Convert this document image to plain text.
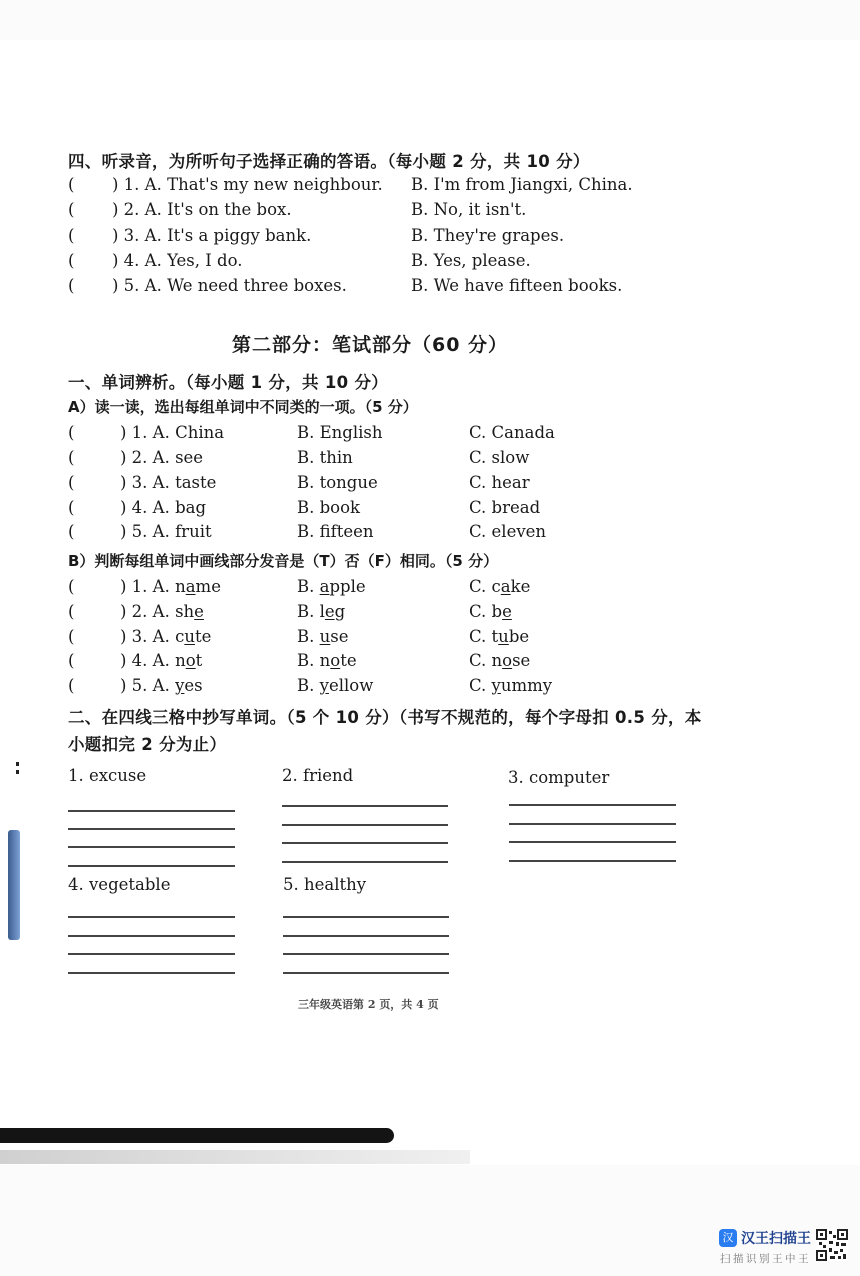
四、听录音，为所听句子选择正确的答语。（每小题 2 分，共 10 分）
( ) 1. A. That's my new neighbour. B. I'm from Jiangxi, China.
( ) 2. A. It's on the box.	B. No, it isn't.
( ) 3. A. It's a piggy bank.	B. They're grapes.
( ) 4. A. Yes, I do.	B. Yes, please.
( ) 5. A. We need three boxes.	B. We have fifteen books.
第二部分：笔试部分（60 分）
一、单词辨析。（每小题 1 分，共 10 分）
A）读一读，选出每组单词中不同类的一项。（5 分）
(	) 1. A. China	B. English	C. Canada
(	) 2. A. see	B. thin	C. slow
(	) 3. A. taste	B. tongue	C. hear
(	) 4. A. bag	B. book	C. bread
(	) 5. A. fruit	B. fifteen	C. eleven
B）判断每组单词中画线部分发音是（T）否（F）相同。（5 分）
(	) 1. A. name	B. apple	C. cake
(	) 2. A. she	B. leg	C. be
(	) 3. A. cute	B. use	C. tube
(	) 4. A. not	B. note	C. nose
(	) 5. A. yes	B. yellow	C. yummy
二、在四线三格中抄写单词。（5 个 10 分）（书写不规范的，每个字母扣 0.5 分，本
小题扣完 2 分为止）
1. excuse	2. friend	3. computer
4. vegetable	5. healthy
三年级英语第 2 页，共 4 页
汉 汉王扫描王
扫描识别王中王
